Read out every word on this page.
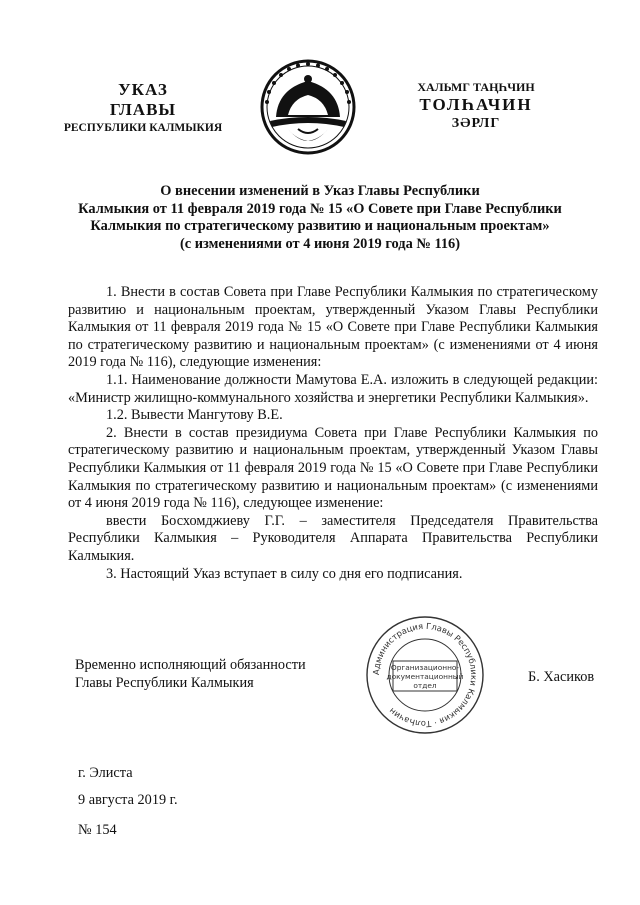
УКАЗ
ГЛАВЫ
РЕСПУБЛИКИ КАЛМЫКИЯ
ХАЛЬМГ ТАҢҺЧИН
ТОЛҺАЧИН
ЗӘРЛГ
О внесении изменений в Указ Главы Республики
Калмыкия от 11 февраля 2019 года № 15 «О Совете при Главе Республики
Калмыкия по стратегическому развитию и национальным проектам»
(с изменениями от 4 июня 2019 года № 116)

1. Внести в состав Совета при Главе Республики Калмыкия по стратегическому развитию и национальным проектам, утвержденный Указом Главы Республики Калмыкия от 11 февраля 2019 года № 15 «О Совете при Главе Республики Калмыкия по стратегическому развитию и национальным проектам» (с изменениями от 4 июня 2019 года № 116), следующие изменения:

1.1. Наименование должности Мамутова Е.А. изложить в следующей редакции: «Министр жилищно-коммунального хозяйства и энергетики Республики Калмыкия».

1.2. Вывести Мангутову В.Е.

2. Внести в состав президиума Совета при Главе Республики Калмыкия по стратегическому развитию и национальным проектам, утвержденный Указом Главы Республики Калмыкия от 11 февраля 2019 года № 15 «О Совете при Главе Республики Калмыкия по стратегическому развитию и национальным проектам» (с изменениями от 4 июня 2019 года № 116), следующее изменение:

ввести Босхомджиеву Г.Г. – заместителя Председателя Правительства Республики Калмыкия – Руководителя Аппарата Правительства Республики Калмыкия.

3. Настоящий Указ вступает в силу со дня его подписания.

Временно исполняющий обязанности
Главы Республики Калмыкия
Администрация Главы Республики Калмыкия · ТолҺачин
Организационно-
документационный
отдел
Б. Хасиков
г. Элиста
9 августа 2019 г.
№ 154
